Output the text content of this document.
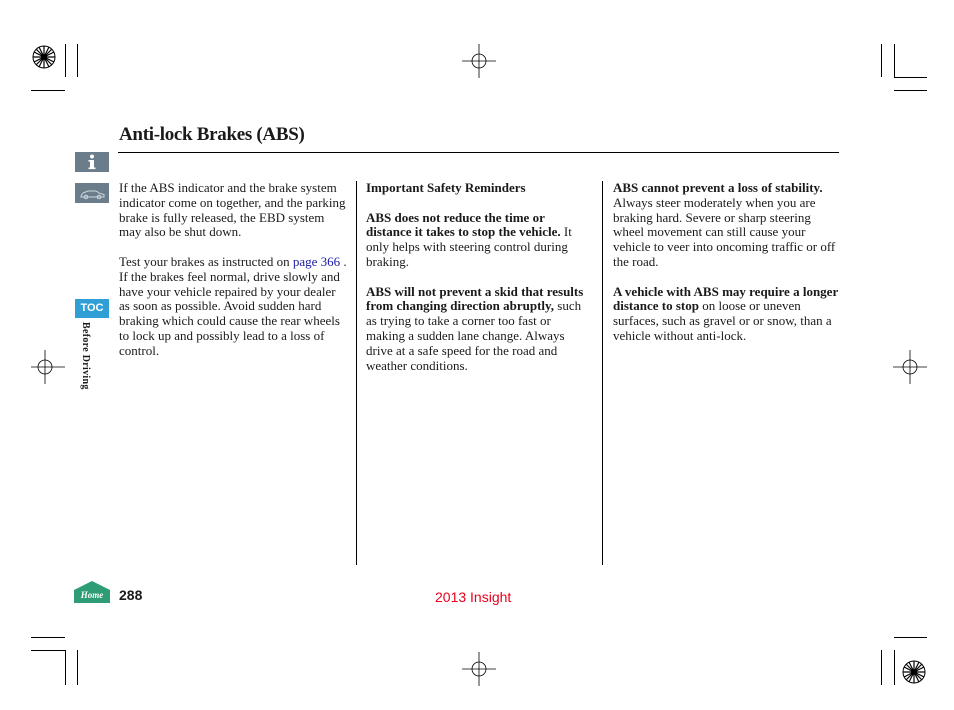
Anti-lock Brakes (ABS)
TOC
Before Driving

If the ABS indicator and the brake system indicator come on together, and the parking brake is fully released, the EBD system may also be shut down.

Test your brakes as instructed on page 366 . If the brakes feel normal, drive slowly and have your vehicle repaired by your dealer as soon as possible. Avoid sudden hard braking which could cause the rear wheels to lock up and possibly lead to a loss of control.

Important Safety Reminders

ABS does not reduce the time or distance it takes to stop the vehicle. It only helps with steering control during braking.

ABS will not prevent a skid that results from changing direction abruptly, such as trying to take a corner too fast or making a sudden lane change. Always drive at a safe speed for the road and weather conditions.

ABS cannot prevent a loss of stability. Always steer moderately when you are braking hard. Severe or sharp steering wheel movement can still cause your vehicle to veer into oncoming traffic or off the road.

A vehicle with ABS may require a longer distance to stop on loose or uneven surfaces, such as gravel or or snow, than a vehicle without anti-lock.

Home 288	2013 Insight
